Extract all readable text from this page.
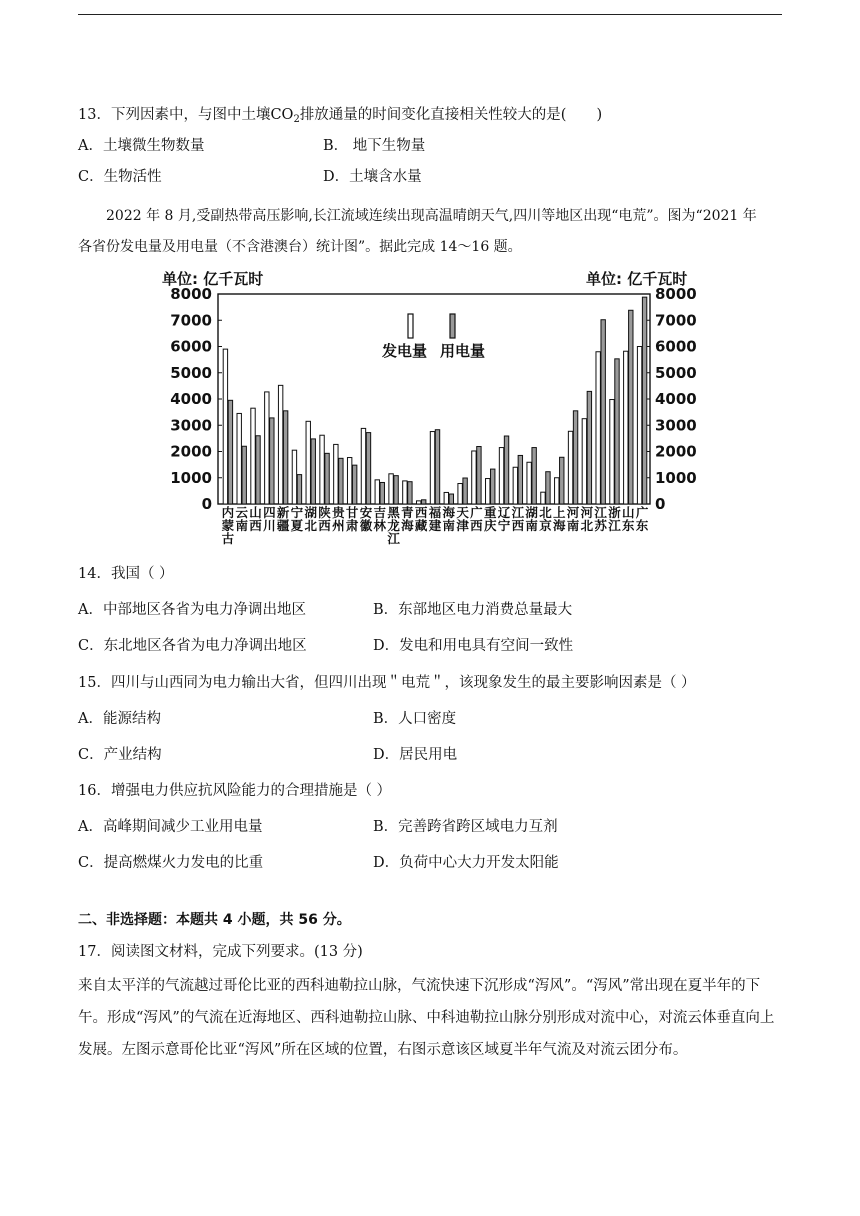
13．下列因素中，与图中土壤$CO_2$排放通量的时间变化直接相关性较大的是( )
A．土壤微生物数量	B． 地下生物量
C．生物活性	D．土壤含水量
2022 年 8 月,受副热带高压影响,长江流域连续出现高温晴朗天气,四川等地区出现“电荒”。图为“2021 年
各省份发电量及用电量（不含港澳台）统计图”。据此完成 14～16 题。
单位: 亿千瓦时	单位: 亿千瓦时
0
1000
2000
3000
4000
5000
6000
7000
8000
0
1000
2000
3000
4000
5000
6000
7000
8000
内蒙古
云南
山西
四川
新疆
宁夏
湖北
陕西
贵州
甘肃
安徽
吉林
黑龙江
青海
西藏
福建
海南
天津
广西
重庆
辽宁
江西
湖南
北京
上海
河南
河北
江苏
浙江
山东
广东
发电量 用电量
14．我国（ ）
A．中部地区各省为电力净调出地区	B．东部地区电力消费总量最大
C．东北地区各省为电力净调出地区	D．发电和用电具有空间一致性
15．四川与山西同为电力输出大省，但四川出现＂电荒＂，该现象发生的最主要影响因素是（ ）
A．能源结构	B．人口密度
C．产业结构	D．居民用电
16．增强电力供应抗风险能力的合理措施是（ ）
A．高峰期间减少工业用电量	B．完善跨省跨区域电力互剂
C．提高燃煤火力发电的比重	D．负荷中心大力开发太阳能
二、非选择题：本题共 4 小题，共 56 分。
17．阅读图文材料，完成下列要求。(13 分)
来自太平洋的气流越过哥伦比亚的西科迪勒拉山脉，气流快速下沉形成“泻风”。“泻风”常出现在夏半年的下午。形成“泻风”的气流在近海地区、西科迪勒拉山脉、中科迪勒拉山脉分别形成对流中心，对流云体垂直向上发展。左图示意哥伦比亚“泻风”所在区域的位置，右图示意该区域夏半年气流及对流云团分布。
